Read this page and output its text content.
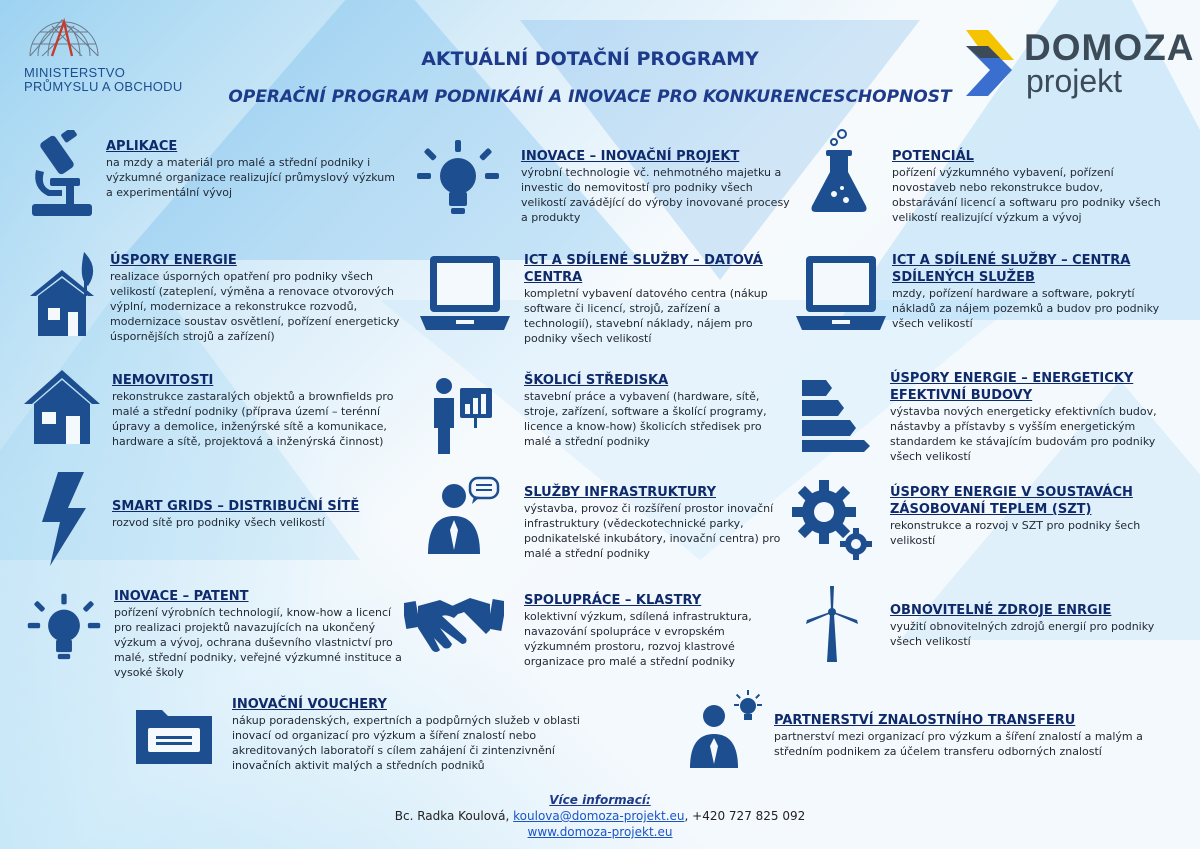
MINISTERSTVO
PRŮMYSLU A OBCHODU
DOMOZA
projekt
AKTUÁLNÍ DOTAČNÍ PROGRAMY
OPERAČNÍ PROGRAM PODNIKÁNÍ A INOVACE PRO KONKURENCESCHOPNOST
APLIKACE

na mzdy a materiál pro malé a střední podniky i výzkumné organizace realizující průmyslový výzkum a experimentální vývoj

INOVACE – INOVAČNÍ PROJEKT

výrobní technologie vč. nehmotného majetku a investic do nemovitostí pro podniky všech velikostí zavádějící do výroby inovované procesy a produkty

POTENCIÁL

pořízení výzkumného vybavení, pořízení novostaveb nebo rekonstrukce budov, obstarávání licencí a softwaru pro podniky všech velikostí realizující výzkum a vývoj

ÚSPORY ENERGIE

realizace úsporných opatření pro podniky všech velikostí (zateplení, výměna a renovace otvorových výplní, modernizace a rekonstrukce rozvodů, modernizace soustav osvětlení, pořízení energeticky úspornějších strojů a zařízení)

ICT A SDÍLENÉ SLUŽBY – DATOVÁ CENTRA

kompletní vybavení datového centra (nákup software či licencí, strojů, zařízení a technologií), stavební náklady, nájem pro podniky všech velikostí

ICT A SDÍLENÉ SLUŽBY – CENTRA SDÍLENÝCH SLUŽEB

mzdy, pořízení hardware a software, pokrytí nákladů za nájem pozemků a budov pro podniky všech velikostí

NEMOVITOSTI

rekonstrukce zastaralých objektů a brownfields pro malé a střední podniky (příprava území – terénní úpravy a demolice, inženýrské sítě a komunikace, hardware a sítě, projektová a inženýrská činnost)

ŠKOLICÍ STŘEDISKA

stavební práce a vybavení (hardware, sítě, stroje, zařízení, software a školící programy, licence a know-how) školicích středisek pro malé a střední podniky

ÚSPORY ENERGIE – ENERGETICKY EFEKTIVNÍ BUDOVY

výstavba nových energeticky efektivních budov, nástavby a přístavby s vyšším energetickým standardem ke stávajícím budovám pro podniky všech velikostí

SMART GRIDS – DISTRIBUČNÍ SÍTĚ

rozvod sítě pro podniky všech velikostí

SLUŽBY INFRASTRUKTURY

výstavba, provoz či rozšíření prostor inovační infrastruktury (vědeckotechnické parky, podnikatelské inkubátory, inovační centra) pro malé a střední podniky

ÚSPORY ENERGIE V SOUSTAVÁCH ZÁSOBOVANÍ TEPLEM (SZT)

rekonstrukce a rozvoj v SZT pro podniky šech velikostí

INOVACE – PATENT

pořízení výrobních technologií, know-how a licencí pro realizaci projektů navazujících na ukončený výzkum a vývoj, ochrana duševního vlastnictví pro malé, střední podniky, veřejné výzkumné instituce a vysoké školy

SPOLUPRÁCE – KLASTRY

kolektivní výzkum, sdílená infrastruktura, navazování spolupráce v evropském výzkumném prostoru, rozvoj klastrové organizace pro malé a střední podniky

OBNOVITELNÉ ZDROJE ENRGIE

využití obnovitelných zdrojů energií pro podniky všech velikostí

INOVAČNÍ VOUCHERY

nákup poradenských, expertních a podpůrných služeb v oblasti inovací od organizací pro výzkum a šíření znalostí nebo akreditovaných laboratoří s cílem zahájení či zintenzivnění inovačních aktivit malých a středních podniků

PARTNERSTVÍ ZNALOSTNÍHO TRANSFERU

partnerství mezi organizací pro výzkum a šíření znalostí a malým a středním podnikem za účelem transferu odborných znalostí

Více informací:
Bc. Radka Koulová, koulova@domoza-projekt.eu, +420 727 825 092
www.domoza-projekt.eu
